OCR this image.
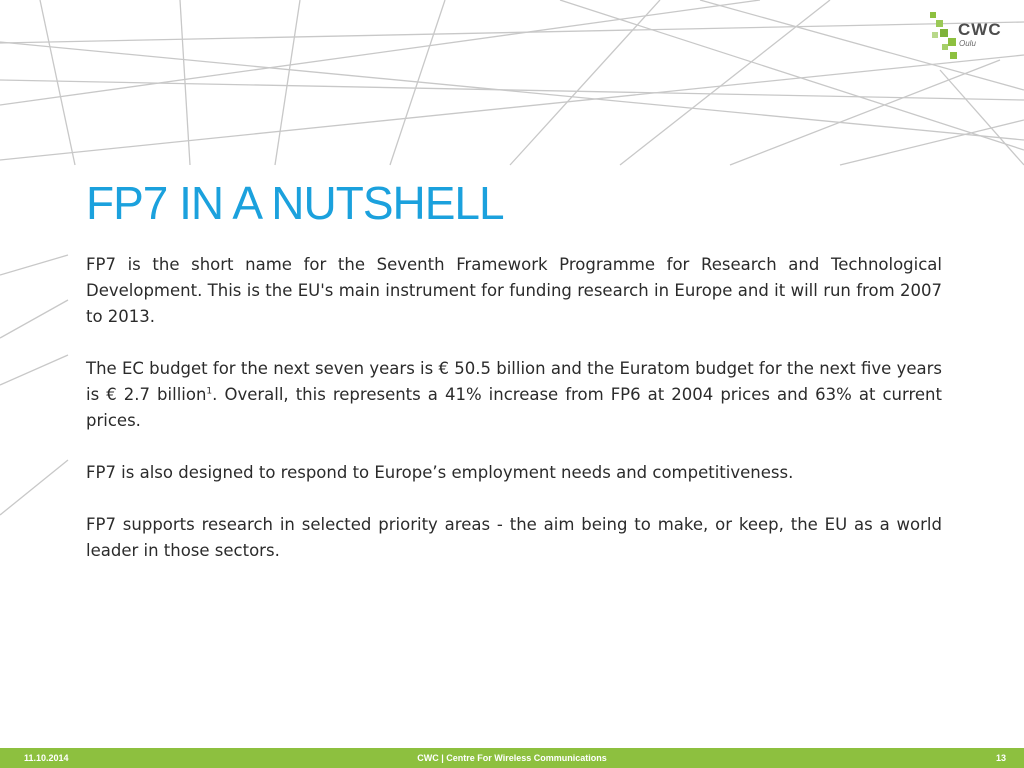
CWC
Oulu
FP7 IN A NUTSHELL

FP7 is the short name for the Seventh Framework Programme for Research and Technological Development. This is the EU's main instrument for funding research in Europe and it will run from 2007 to 2013.

The EC budget for the next seven years is € 50.5 billion and the Euratom budget for the next five years is € 2.7 billion$^1$. Overall, this represents a 41% increase from FP6 at 2004 prices and 63% at current prices.

FP7 is also designed to respond to Europe’s employment needs and competitiveness.

FP7 supports research in selected priority areas - the aim being to make, or keep, the EU as a world leader in those sectors.

11.10.2014	CWC | Centre For Wireless Communications	13
